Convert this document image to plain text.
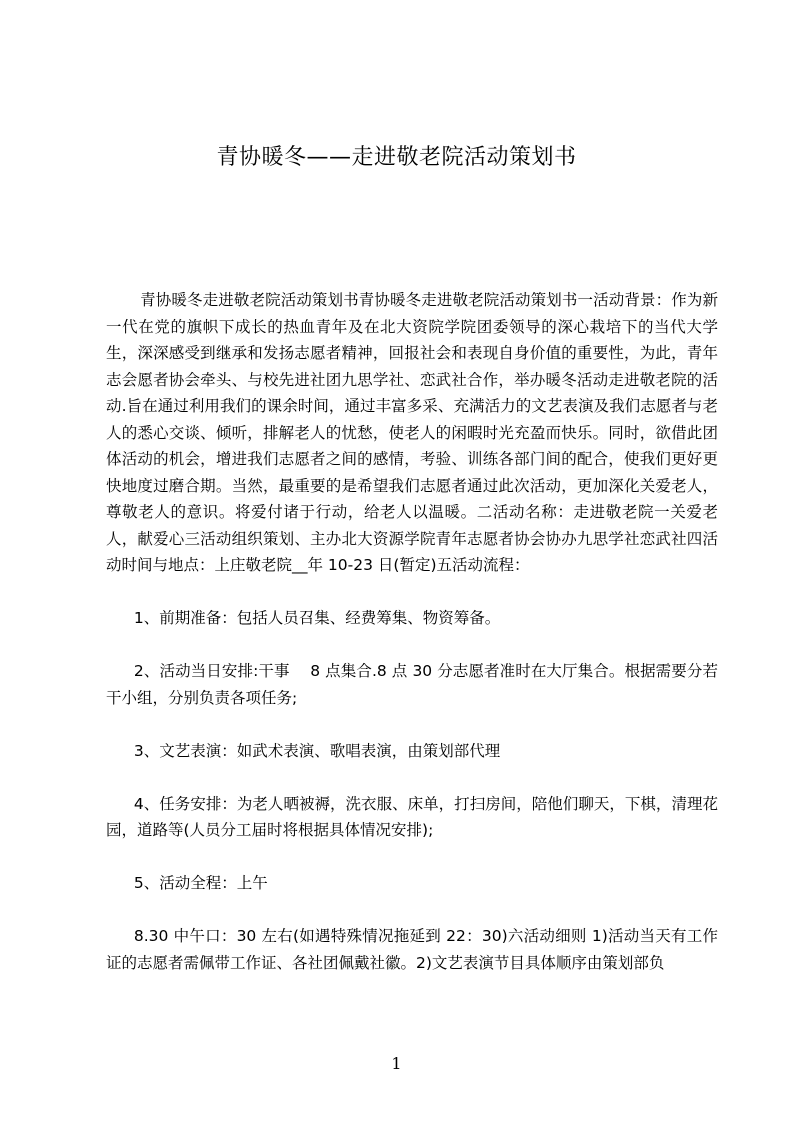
青协暖冬——走进敬老院活动策划书

青协暖冬走进敬老院活动策划书青协暖冬走进敬老院活动策划书一活动背景：作为新一代在党的旗帜下成长的热血青年及在北大资院学院团委领导的深心栽培下的当代大学生，深深感受到继承和发扬志愿者精神，回报社会和表现自身价值的重要性，为此，青年志会愿者协会牵头、与校先进社团九思学社、恋武社合作，举办暖冬活动走进敬老院的活动.旨在通过利用我们的课余时间，通过丰富多采、充满活力的文艺表演及我们志愿者与老人的悉心交谈、倾听，排解老人的忧愁，使老人的闲暇时光充盈而快乐。同时，欲借此团体活动的机会，增进我们志愿者之间的感情，考验、训练各部门间的配合，使我们更好更快地度过磨合期。当然，最重要的是希望我们志愿者通过此次活动，更加深化关爱老人，尊敬老人的意识。将爱付诸于行动，给老人以温暖。二活动名称：走进敬老院一关爱老人，献爱心三活动组织策划、主办北大资源学院青年志愿者协会协办九思学社恋武社四活动时间与地点：上庄敬老院__年 10-23 日(暂定)五活动流程：

1、前期准备：包括人员召集、经费筹集、物资筹备。

2、活动当日安排:干事　 8 点集合.8 点 30 分志愿者准时在大厅集合。根据需要分若干小组，分别负责各项任务;

3、文艺表演：如武术表演、歌唱表演，由策划部代理

4、任务安排：为老人晒被褥，洗衣服、床单，打扫房间，陪他们聊天，下棋，清理花园，道路等(人员分工届时将根据具体情况安排);

5、活动全程：上午

8.30 中午口：30 左右(如遇特殊情况拖延到 22：30)六活动细则 1)活动当天有工作证的志愿者需佩带工作证、各社团佩戴社徽。2)文艺表演节目具体顺序由策划部负

1
